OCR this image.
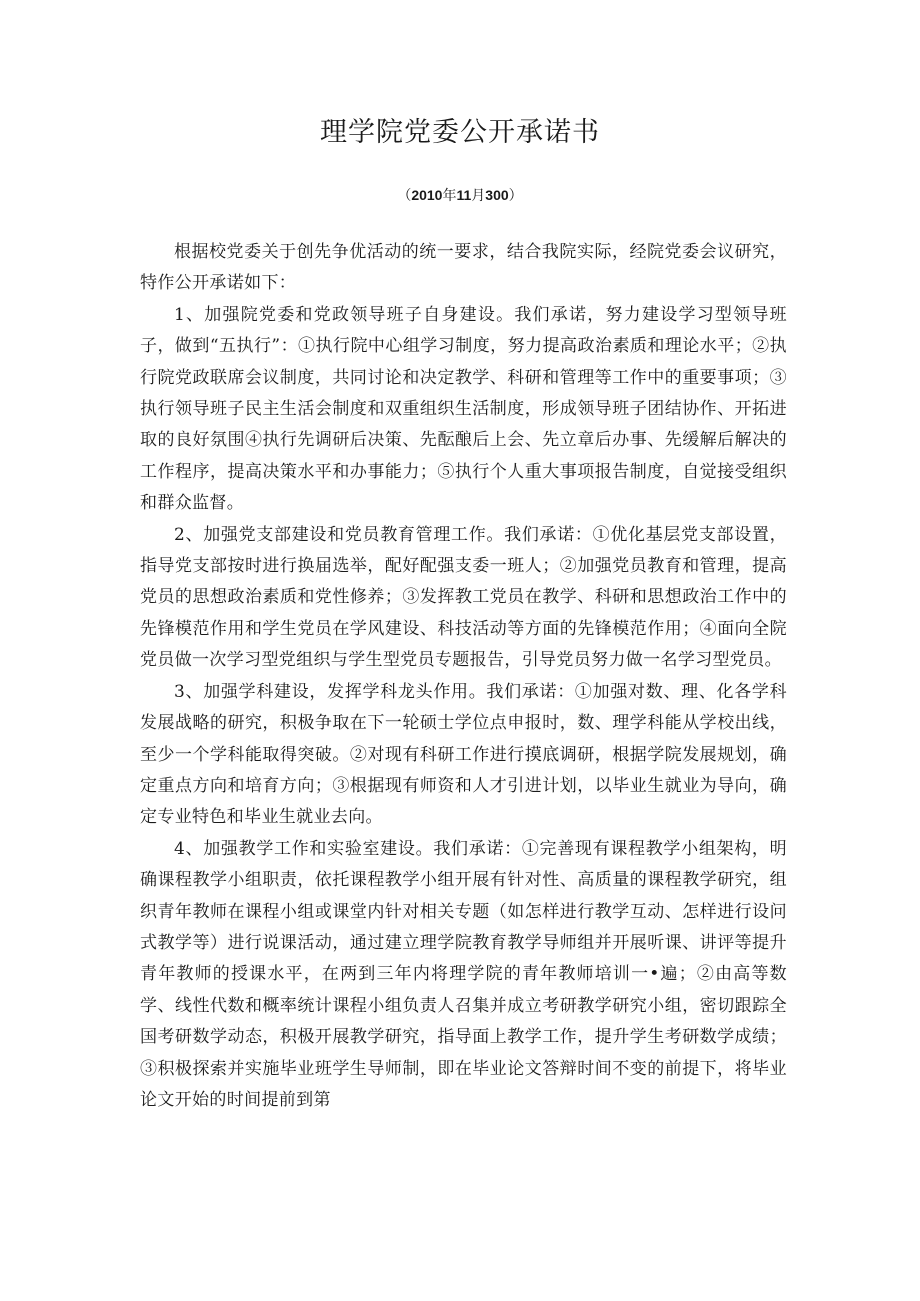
理学院党委公开承诺书
（2010年11月300）

根据校党委关于创先争优活动的统一要求，结合我院实际，经院党委会议研究，特作公开承诺如下：

1、加强院党委和党政领导班子自身建设。我们承诺，努力建设学习型领导班子，做到“五执行”：①执行院中心组学习制度，努力提高政治素质和理论水平；②执行院党政联席会议制度，共同讨论和决定教学、科研和管理等工作中的重要事项；③执行领导班子民主生活会制度和双重组织生活制度，形成领导班子团结协作、开拓进取的良好氛围④执行先调研后决策、先酝酿后上会、先立章后办事、先缓解后解决的工作程序，提高决策水平和办事能力；⑤执行个人重大事项报告制度，自觉接受组织和群众监督。

2、加强党支部建设和党员教育管理工作。我们承诺：①优化基层党支部设置，指导党支部按时进行换届选举，配好配强支委一班人；②加强党员教育和管理，提高党员的思想政治素质和党性修养；③发挥教工党员在教学、科研和思想政治工作中的先锋模范作用和学生党员在学风建设、科技活动等方面的先锋模范作用；④面向全院党员做一次学习型党组织与学生型党员专题报告，引导党员努力做一名学习型党员。

3、加强学科建设，发挥学科龙头作用。我们承诺：①加强对数、理、化各学科发展战略的研究，积极争取在下一轮硕士学位点申报时，数、理学科能从学校出线，至少一个学科能取得突破。②对现有科研工作进行摸底调研，根据学院发展规划，确定重点方向和培育方向；③根据现有师资和人才引进计划，以毕业生就业为导向，确定专业特色和毕业生就业去向。

4、加强教学工作和实验室建设。我们承诺：①完善现有课程教学小组架构，明确课程教学小组职责，依托课程教学小组开展有针对性、高质量的课程教学研究，组织青年教师在课程小组或课堂内针对相关专题（如怎样进行教学互动、怎样进行设问式教学等）进行说课活动，通过建立理学院教育教学导师组并开展听课、讲评等提升青年教师的授课水平，在两到三年内将理学院的青年教师培训一•遍；②由高等数学、线性代数和概率统计课程小组负责人召集并成立考研教学研究小组，密切跟踪全国考研数学动态，积极开展教学研究，指导面上教学工作，提升学生考研数学成绩；③积极探索并实施毕业班学生导师制，即在毕业论文答辩时间不变的前提下，将毕业论文开始的时间提前到第
